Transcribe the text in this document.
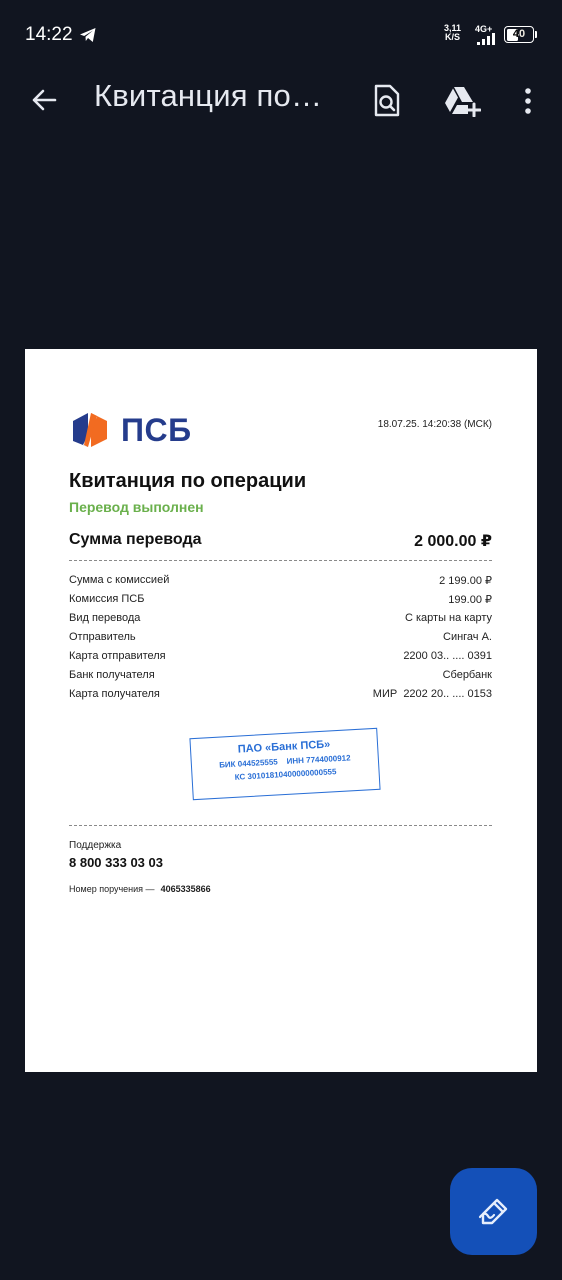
14:22	3,11
K/S
4G+	40
Квитанция по…
ПСБ	18.07.25. 14:20:38 (МСК)
Квитанция по операции
Перевод выполнен
Сумма перевода	2 000.00 ₽
Сумма с комиссией	2 199.00 ₽
Комиссия ПСБ	199.00 ₽
Вид перевода	С карты на карту
Отправитель	Сингач А.
Карта отправителя	2200 03.. .... 0391
Банк получателя	Сбербанк
Карта получателя	МИР  2202 20.. .... 0153
ПАО «Банк ПСБ»
БИК 044525555    ИНН 7744000912
КС 30101810400000000555
Поддержка
8 800 333 03 03
Номер поручения — 4065335866
